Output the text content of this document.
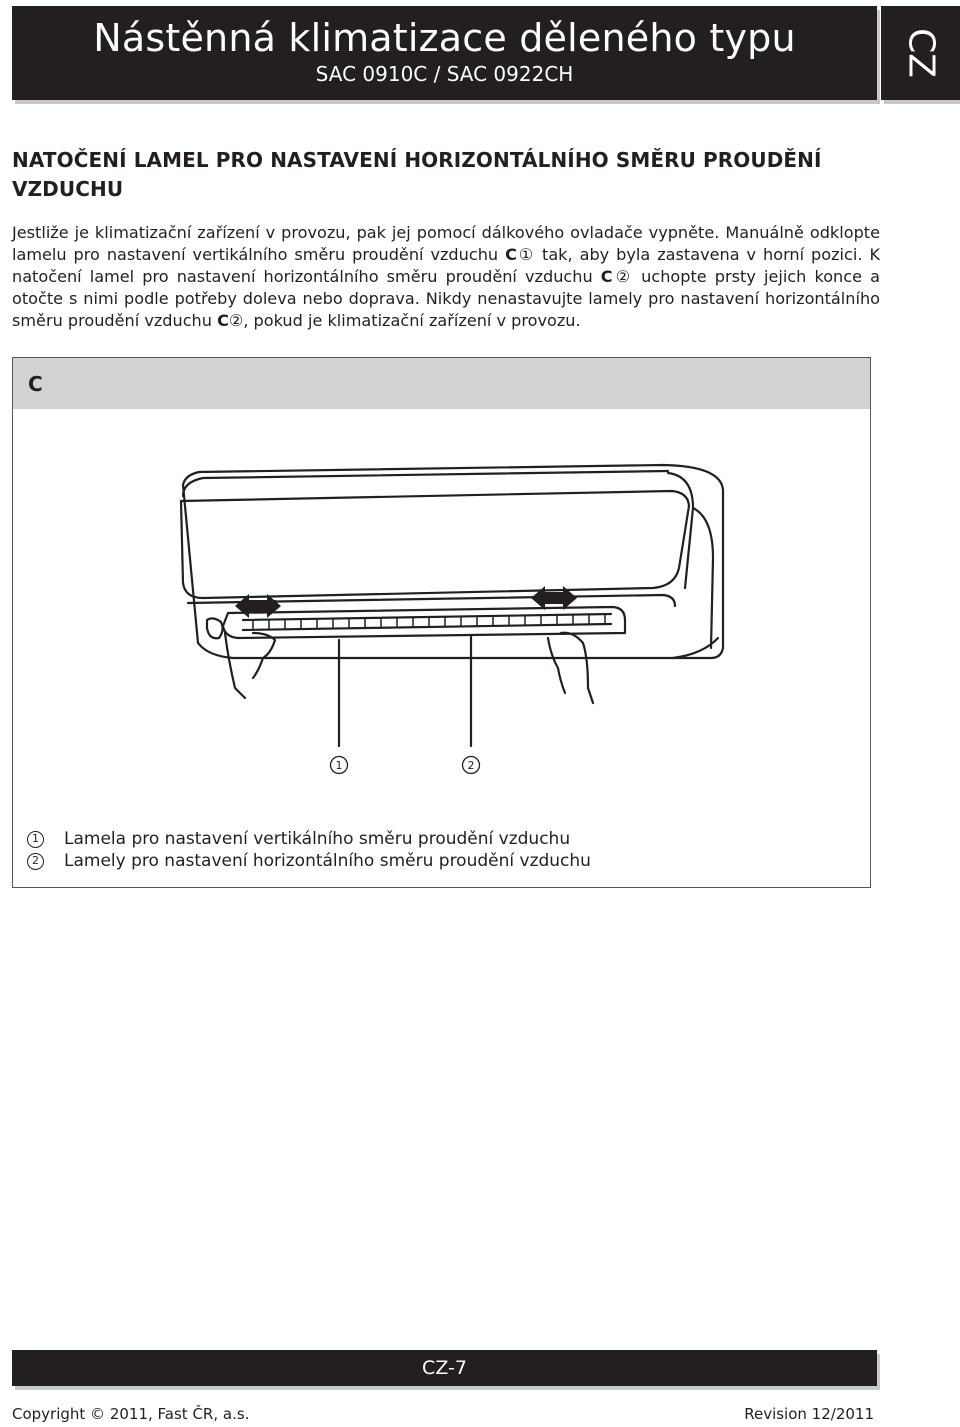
Nástěnná klimatizace děleného typu
SAC 0910C / SAC 0922CH	CZ
NATOČENÍ LAMEL PRO NASTAVENÍ HORIZONTÁLNÍHO SMĚRU PROUDĚNÍ VZDUCHU

Jestliže je klimatizační zařízení v provozu, pak jej pomocí dálkového ovladače vypněte. Manuálně odklopte lamelu pro nastavení vertikálního směru proudění vzduchu C① tak, aby byla zastavena v horní pozici. K natočení lamel pro nastavení horizontálního směru proudění vzduchu C② uchopte prsty jejich konce a otočte s nimi podle potřeby doleva nebo doprava. Nikdy nenastavujte lamely pro nastavení horizontálního směru proudění vzduchu C②, pokud je klimatizační zařízení v provozu.

C
1	2
1 Lamela pro nastavení vertikálního směru proudění vzduchu
2 Lamely pro nastavení horizontálního směru proudění vzduchu
CZ-7
Copyright © 2011, Fast ČR, a.s.	Revision 12/2011
